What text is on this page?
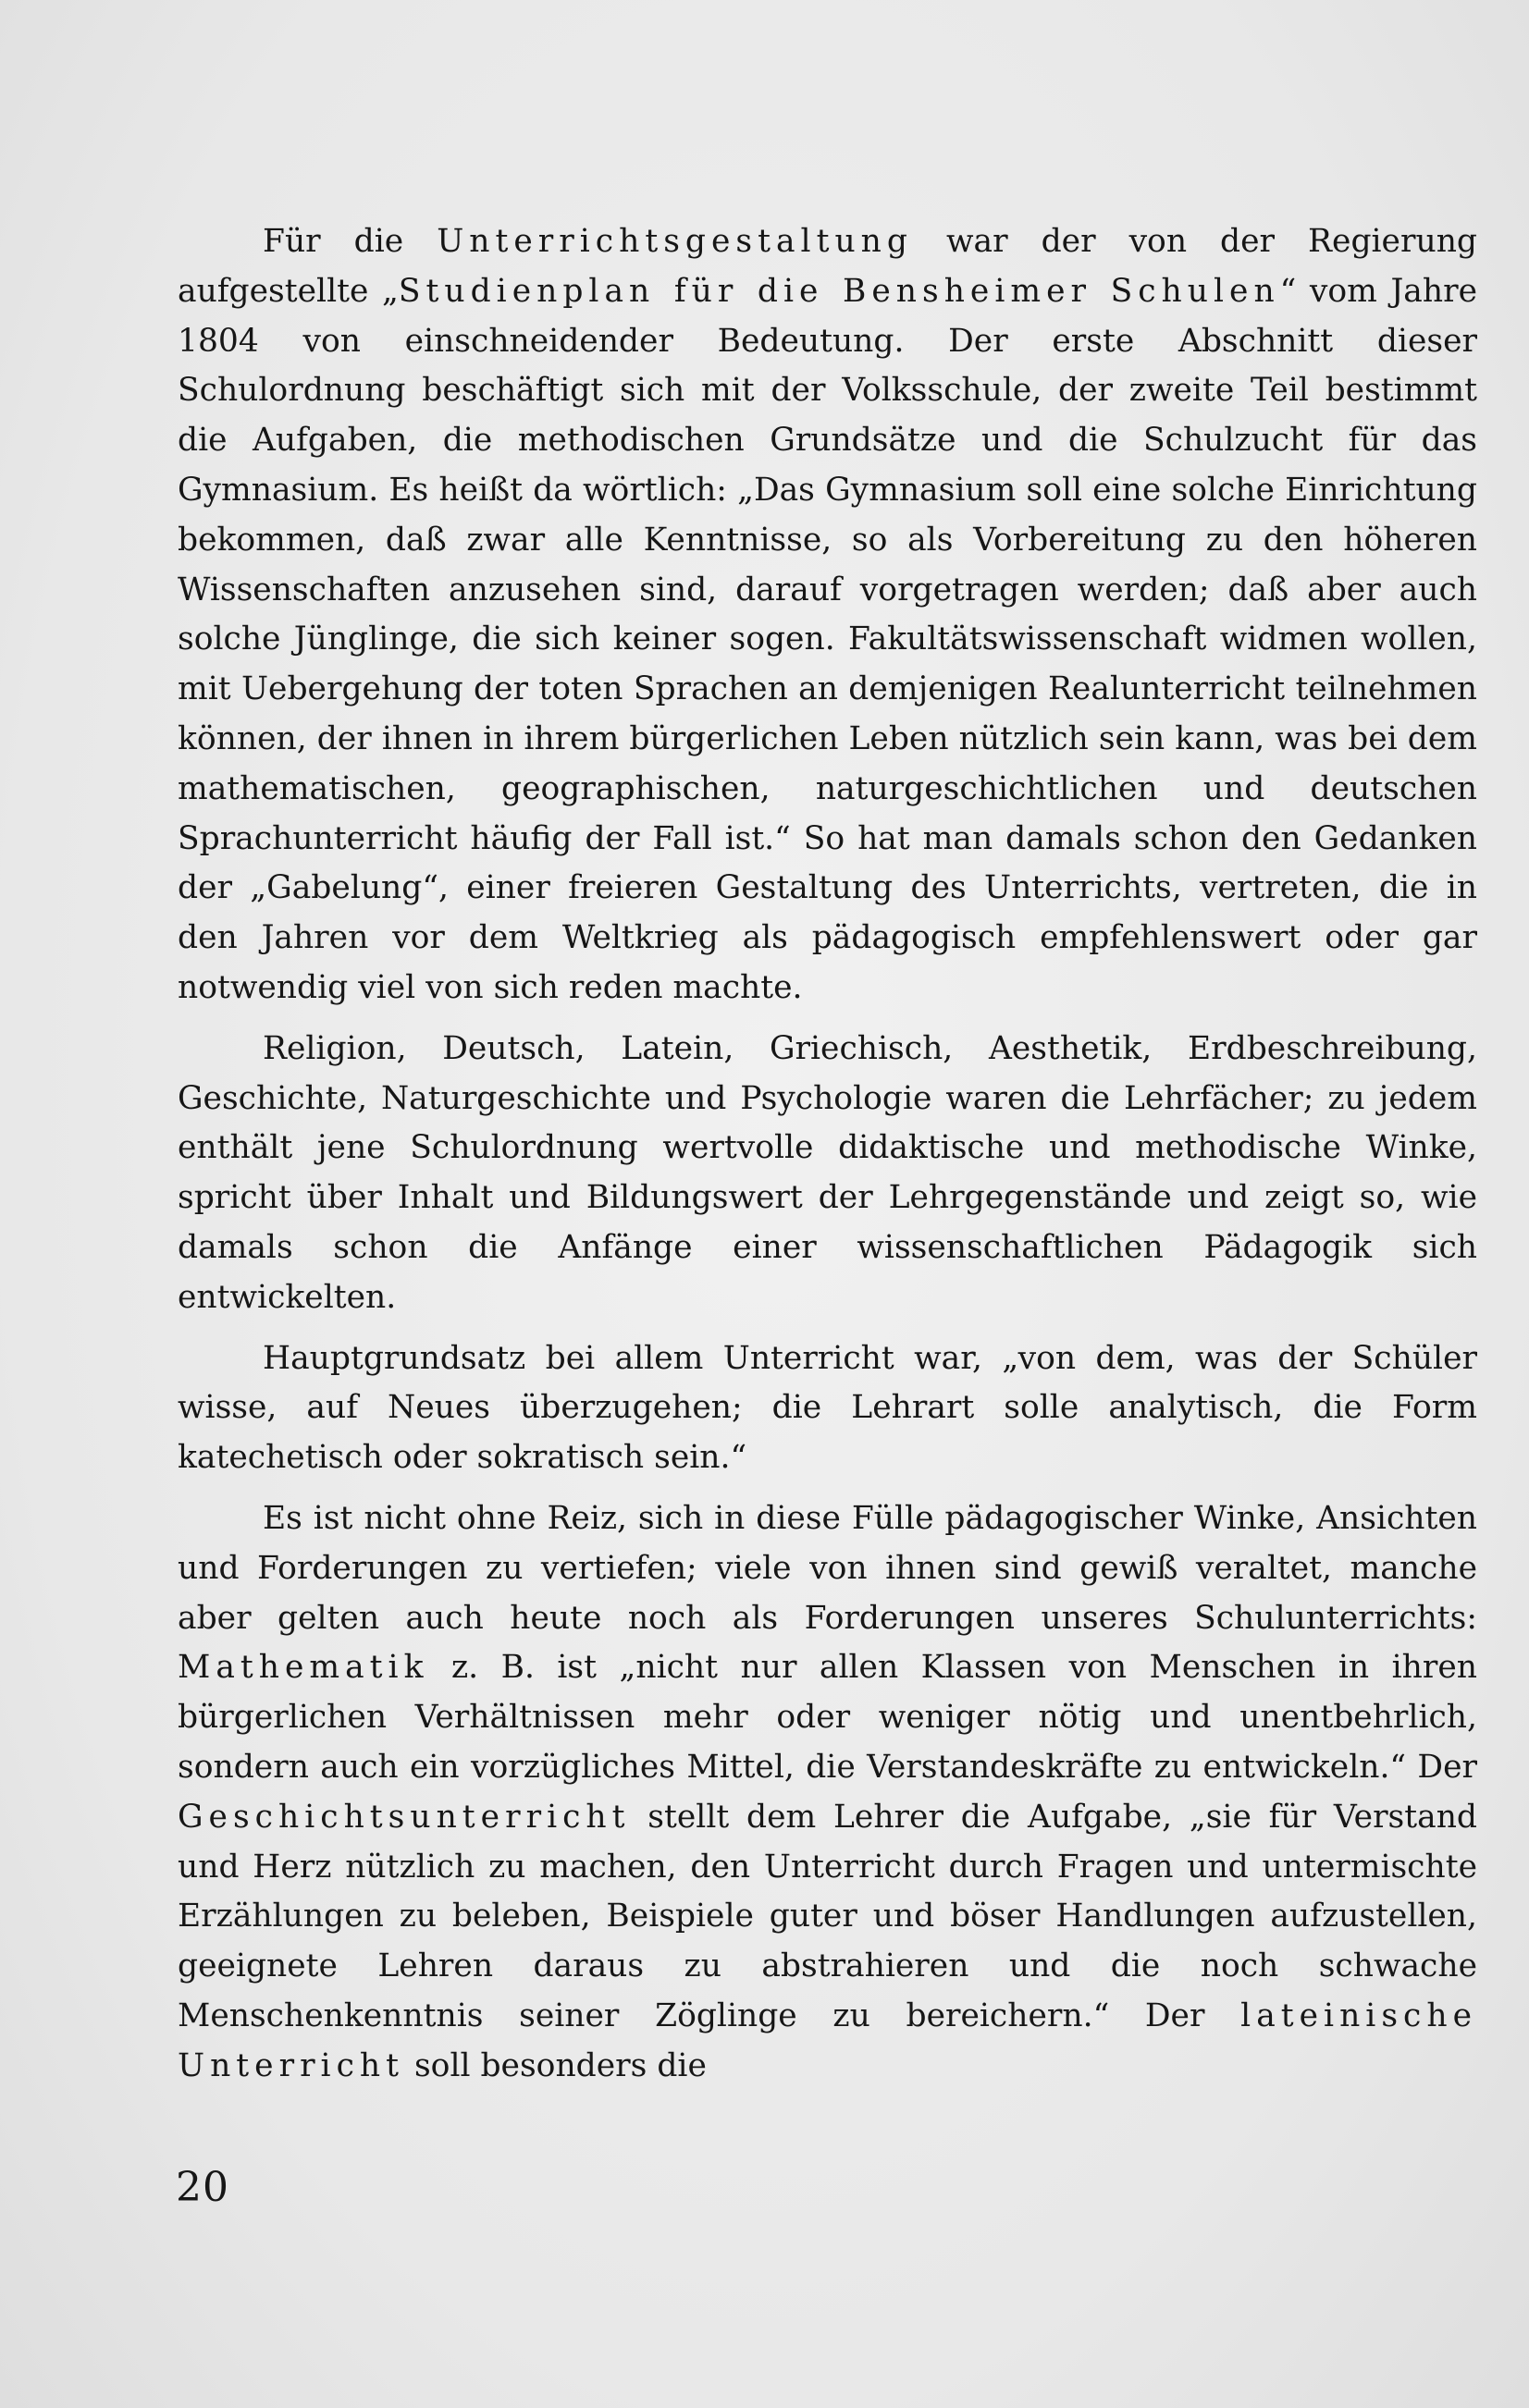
Für die Unterrichtsgestaltung war der von der Regierung aufgestellte „Studienplan für die Bensheimer Schulen“ vom Jahre 1804 von einschneidender Bedeutung. Der erste Abschnitt dieser Schulordnung beschäftigt sich mit der Volksschule, der zweite Teil bestimmt die Aufgaben, die methodischen Grundsätze und die Schulzucht für das Gymnasium. Es heißt da wörtlich: „Das Gymnasium soll eine solche Einrichtung bekommen, daß zwar alle Kenntnisse, so als Vorbereitung zu den höheren Wissenschaften anzusehen sind, darauf vorgetragen werden; daß aber auch solche Jünglinge, die sich keiner sogen. Fakultätswissenschaft widmen wollen, mit Uebergehung der toten Sprachen an demjenigen Realunterricht teilnehmen können, der ihnen in ihrem bürgerlichen Leben nützlich sein kann, was bei dem mathematischen, geographischen, naturgeschichtlichen und deutschen Sprachunterricht häufig der Fall ist.“ So hat man damals schon den Gedanken der „Gabelung“, einer freieren Gestaltung des Unterrichts, vertreten, die in den Jahren vor dem Weltkrieg als pädagogisch empfehlenswert oder gar notwendig viel von sich reden machte.

Religion, Deutsch, Latein, Griechisch, Aesthetik, Erdbeschreibung, Geschichte, Naturgeschichte und Psychologie waren die Lehrfächer; zu jedem enthält jene Schulordnung wertvolle didaktische und methodische Winke, spricht über Inhalt und Bildungswert der Lehrgegenstände und zeigt so, wie damals schon die Anfänge einer wissenschaftlichen Pädagogik sich entwickelten.

Hauptgrundsatz bei allem Unterricht war, „von dem, was der Schüler wisse, auf Neues überzugehen; die Lehrart solle analytisch, die Form katechetisch oder sokratisch sein.“

Es ist nicht ohne Reiz, sich in diese Fülle pädagogischer Winke, Ansichten und Forderungen zu vertiefen; viele von ihnen sind gewiß veraltet, manche aber gelten auch heute noch als Forderungen unseres Schulunterrichts: Mathematik z. B. ist „nicht nur allen Klassen von Menschen in ihren bürgerlichen Verhältnissen mehr oder weniger nötig und unentbehrlich, sondern auch ein vorzügliches Mittel, die Verstandeskräfte zu entwickeln.“ Der Geschichtsunterricht stellt dem Lehrer die Aufgabe, „sie für Verstand und Herz nützlich zu machen, den Unterricht durch Fragen und untermischte Erzählungen zu beleben, Beispiele guter und böser Handlungen aufzustellen, geeignete Lehren daraus zu abstrahieren und die noch schwache Menschenkenntnis seiner Zöglinge zu bereichern.“ Der lateinische Unterricht soll besonders die

20
